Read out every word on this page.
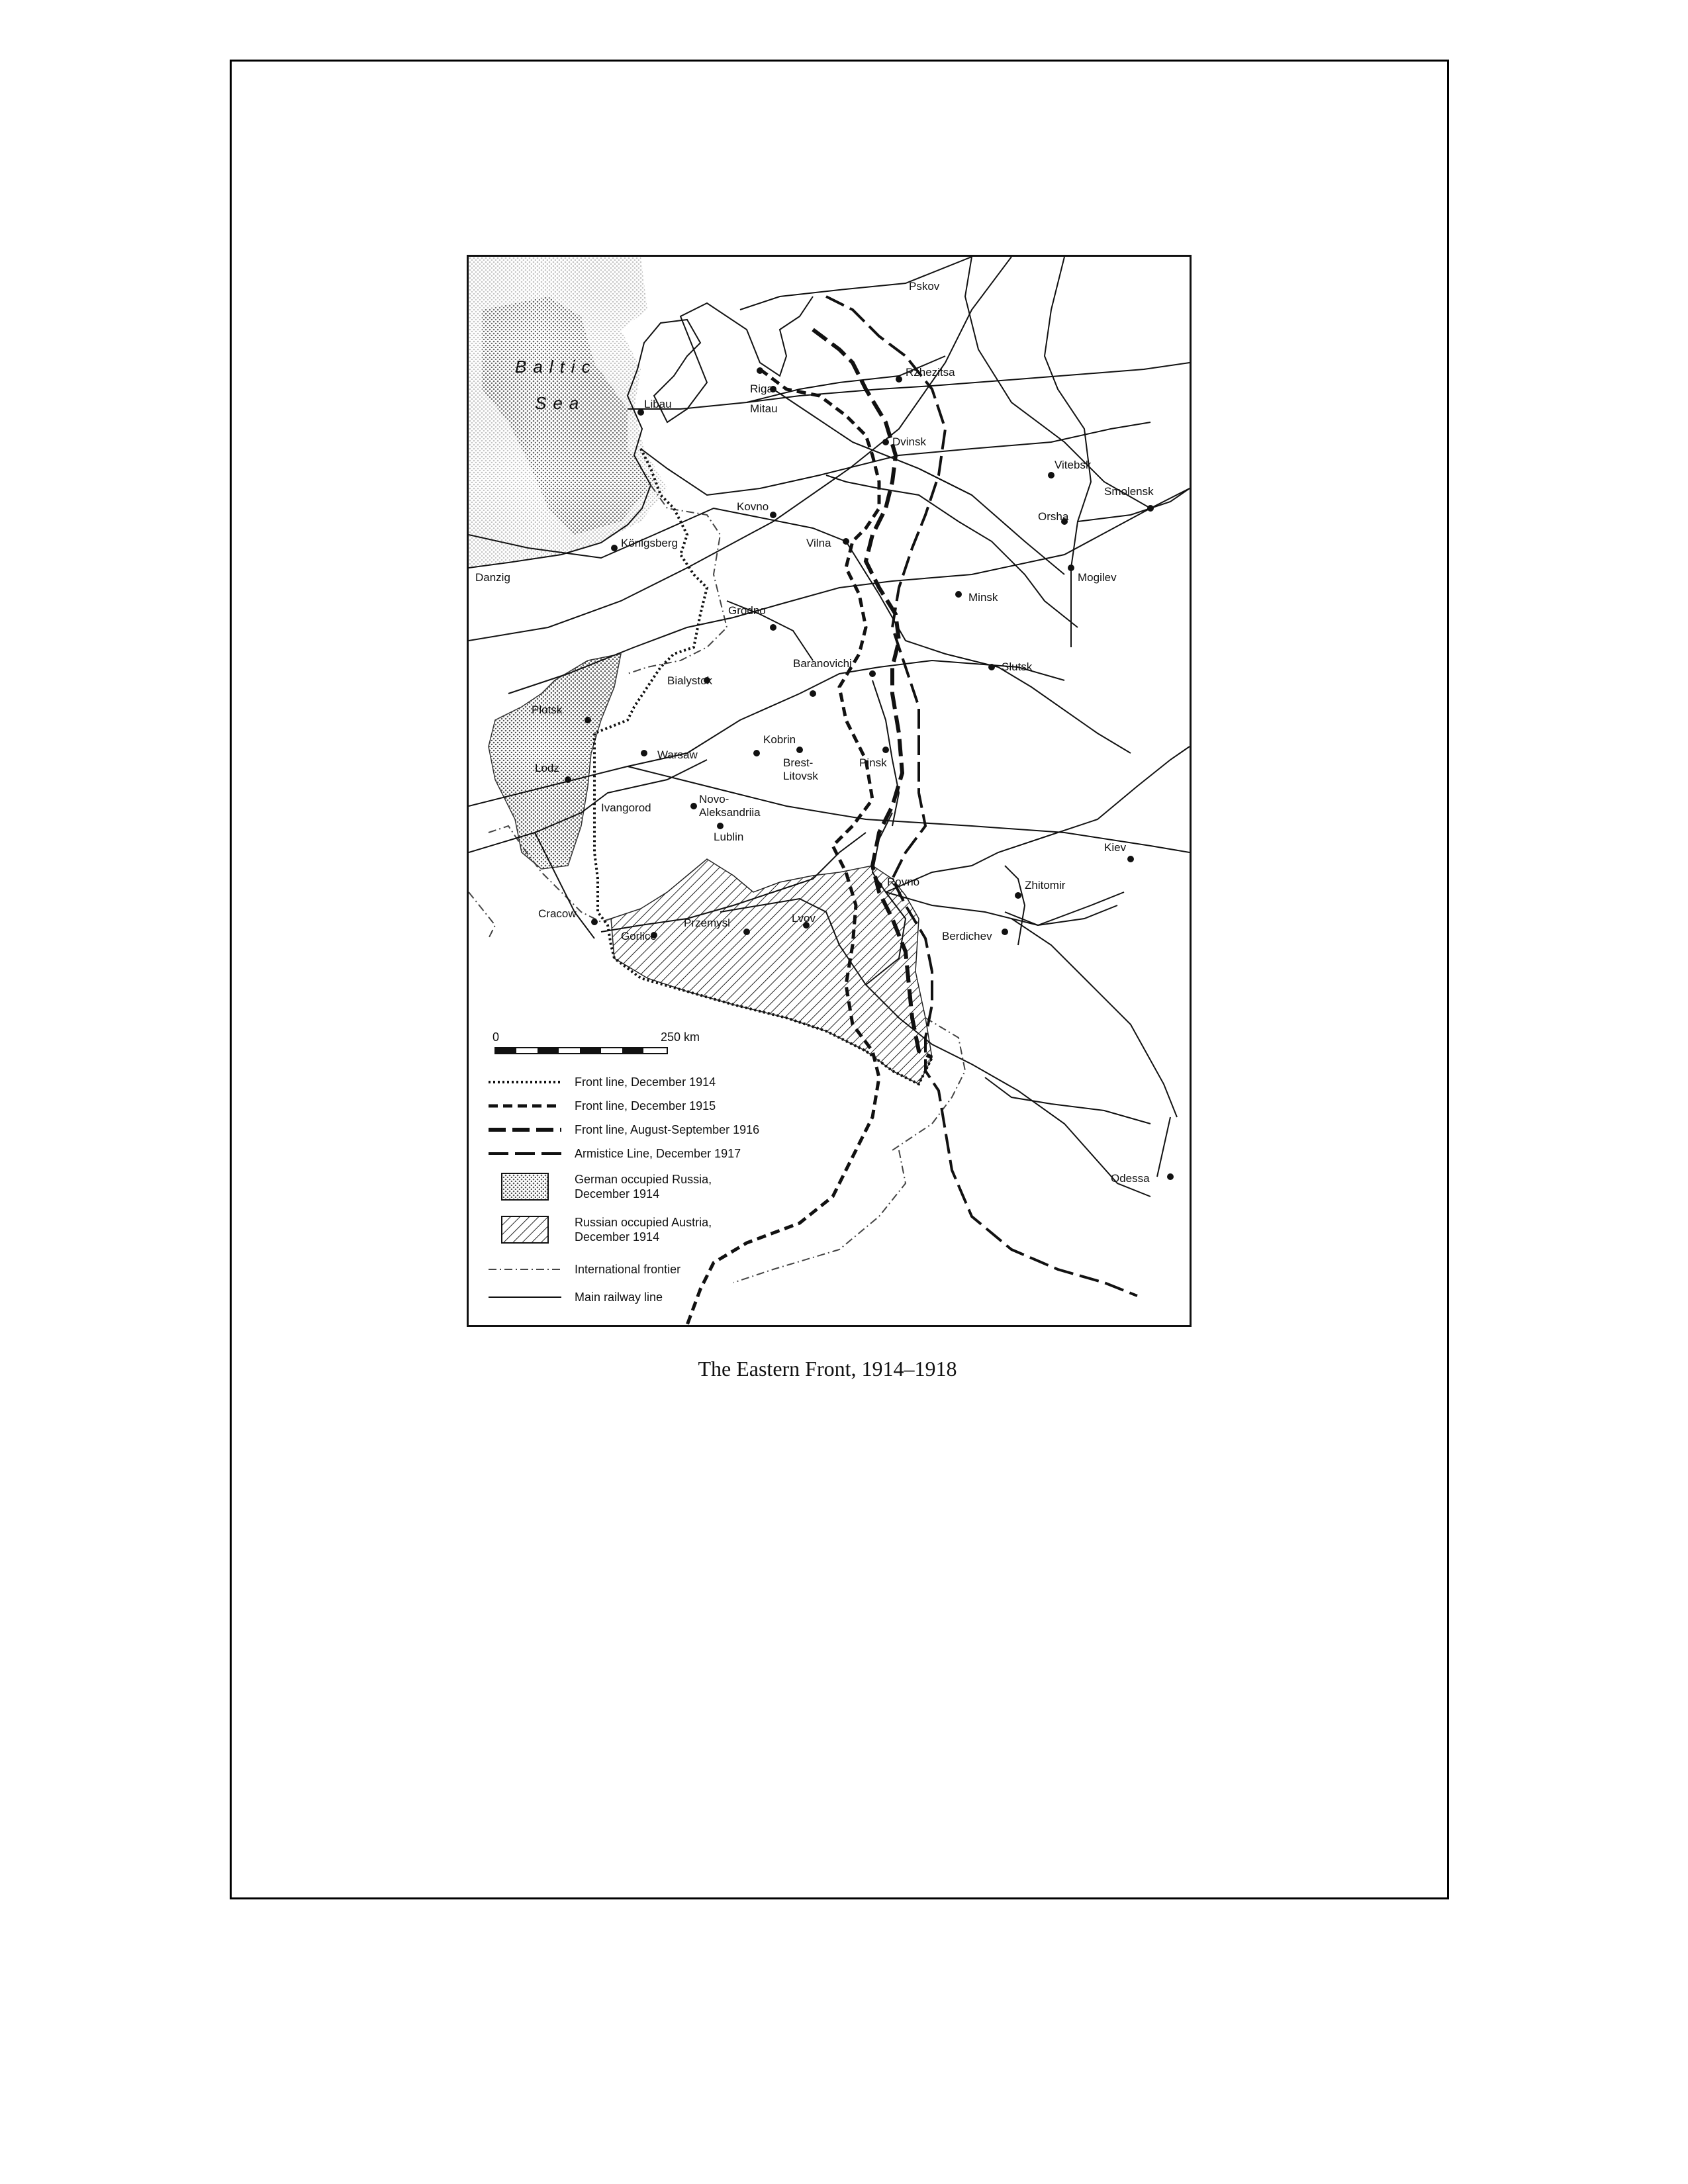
Baltic
Sea
Pskov
Rzhezitsa
Riga
Mitau
Libau
Dvinsk
Vitebsk
Smolensk
Orsha
Kovno
Königsberg	Vilna
Danzig	Mogilev
Minsk
Grodno
Baranovichi	Slutsk
Bialystok
Plotsk
Kobrin
Warsaw
Brest-
Litovsk
Pinsk
Lodz
Novo-
Aleksandriia
Ivangorod
Lublin
Kiev
Rovno	Zhitomir
Berdichev
Cracow
Gorlice
Przemysl	Lvov
Odessa
0	250 km
Front line, December 1914
Front line, December 1915
Front line, August-September 1916
Armistice Line, December 1917
German occupied Russia,
December 1914
Russian occupied Austria,
December 1914
International frontier
Main railway line
The Eastern Front, 1914–1918
